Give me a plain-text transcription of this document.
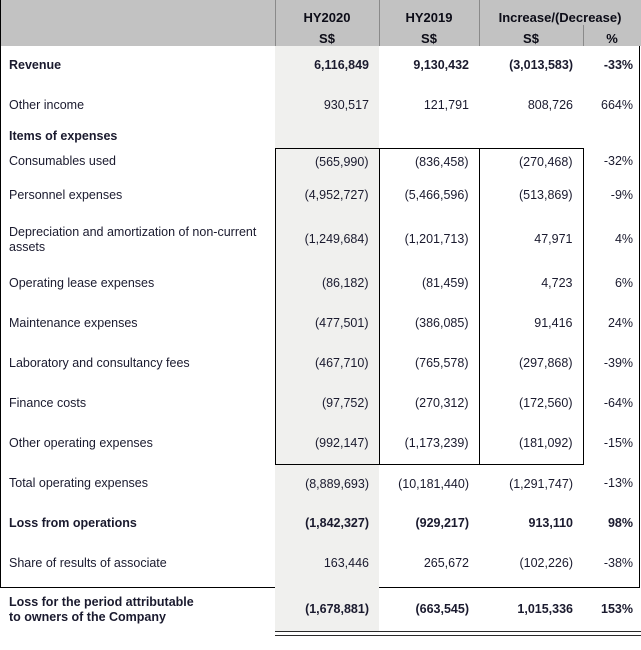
	HY2020	HY2019	Increase/(Decrease)	
	S$	S$	S$	%
Revenue	6,116,849	9,130,432	(3,013,583)	-33%
Other income	930,517	121,791	808,726	664%
Items of expenses				
Consumables used	(565,990)	(836,458)	(270,468)	-32%
Personnel expenses	(4,952,727)	(5,466,596)	(513,869)	-9%
Depreciation and amortization of non-current assets	(1,249,684)	(1,201,713)	47,971	4%
Operating lease expenses	(86,182)	(81,459)	4,723	6%
Maintenance expenses	(477,501)	(386,085)	91,416	24%
Laboratory and consultancy fees	(467,710)	(765,578)	(297,868)	-39%
Finance costs	(97,752)	(270,312)	(172,560)	-64%
Other operating expenses	(992,147)	(1,173,239)	(181,092)	-15%
Total operating expenses	(8,889,693)	(10,181,440)	(1,291,747)	-13%
Loss from operations	(1,842,327)	(929,217)	913,110	98%
Share of results of associate	163,446	265,672	(102,226)	-38%
Loss for the period attributable
to owners of the Company	(1,678,881)	(663,545)	1,015,336	153%
